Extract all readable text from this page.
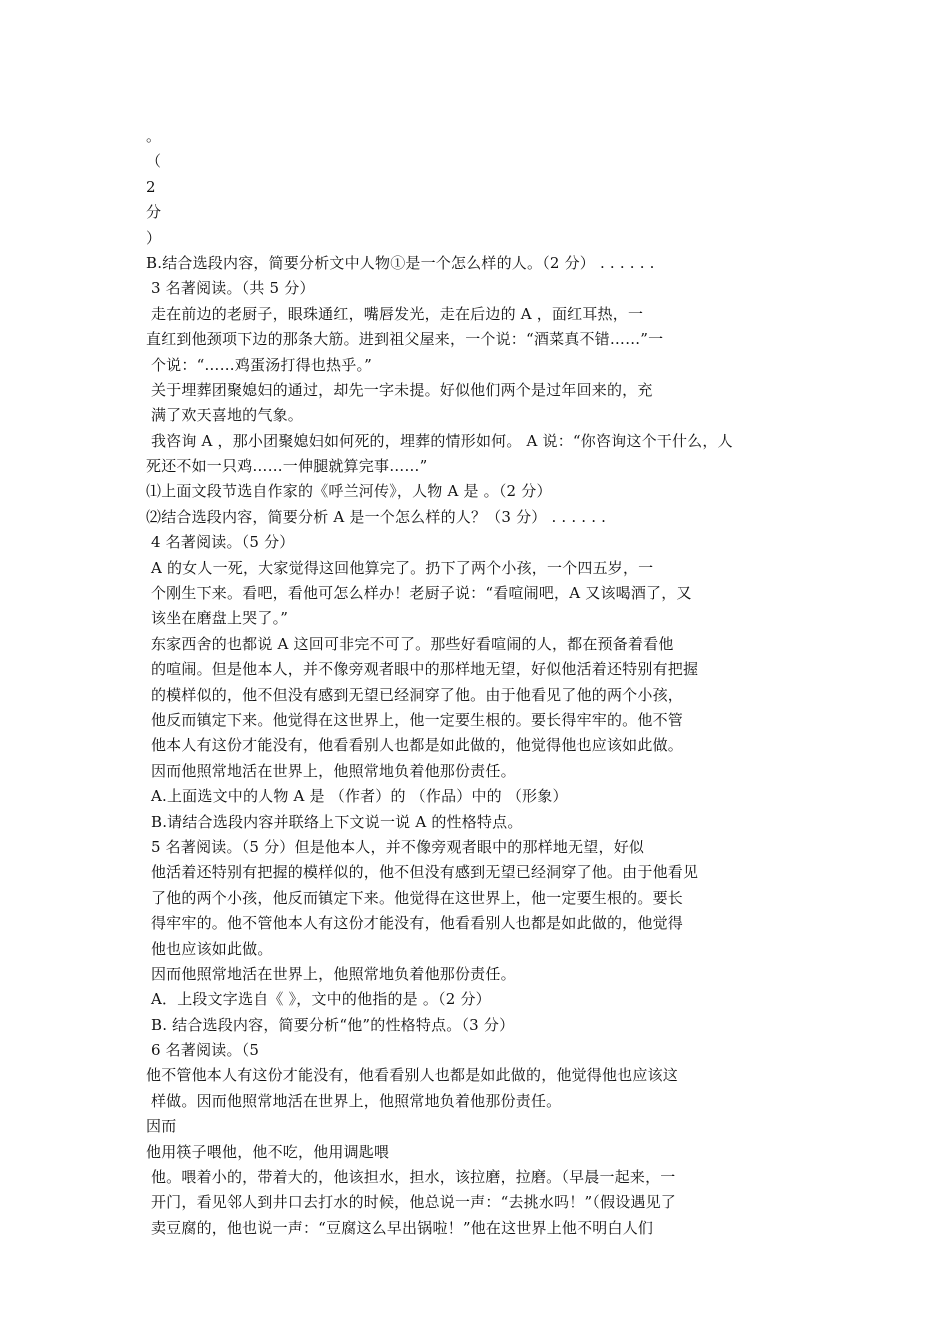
。
（
2
分
）
B.结合选段内容，简要分析文中人物①是一个怎么样的人。（2 分） . . . . . .
3 名著阅读。（共 5 分）
走在前边的老厨子，眼珠通红，嘴唇发光，走在后边的 A ，面红耳热，一
直红到他颈项下边的那条大筋。进到祖父屋来，一个说：“酒菜真不错……”一
个说：“……鸡蛋汤打得也热乎。”
关于埋葬团聚媳妇的通过，却先一字未提。好似他们两个是过年回来的，充
满了欢天喜地的气象。
我咨询 A ，那小团聚媳妇如何死的，埋葬的情形如何。 A 说：“你咨询这个干什么，人
死还不如一只鸡……一伸腿就算完事……”
⑴上面文段节选自作家的《呼兰河传》，人物 A 是 。（2 分）
⑵结合选段内容，简要分析 A 是一个怎么样的人？（3 分） . . . . . .
4 名著阅读。（5 分）
A 的女人一死，大家觉得这回他算完了。扔下了两个小孩，一个四五岁，一
个刚生下来。看吧，看他可怎么样办！老厨子说：“看喧闹吧，A 又该喝酒了，又
该坐在磨盘上哭了。”
东家西舍的也都说 A 这回可非完不可了。那些好看喧闹的人，都在预备着看他
的喧闹。但是他本人，并不像旁观者眼中的那样地无望，好似他活着还特别有把握
的模样似的，他不但没有感到无望已经洞穿了他。由于他看见了他的两个小孩，
他反而镇定下来。他觉得在这世界上，他一定要生根的。要长得牢牢的。他不管
他本人有这份才能没有，他看看别人也都是如此做的，他觉得他也应该如此做。
因而他照常地活在世界上，他照常地负着他那份责任。
A.上面选文中的人物 A 是 （作者）的 （作品）中的 （形象）
B.请结合选段内容并联络上下文说一说 A 的性格特点。
5 名著阅读。（5 分）但是他本人，并不像旁观者眼中的那样地无望，好似
他活着还特别有把握的模样似的，他不但没有感到无望已经洞穿了他。由于他看见
了他的两个小孩，他反而镇定下来。他觉得在这世界上，他一定要生根的。要长
得牢牢的。他不管他本人有这份才能没有，他看看别人也都是如此做的，他觉得
他也应该如此做。
因而他照常地活在世界上，他照常地负着他那份责任。
A．上段文字选自《 》，文中的他指的是 。（2 分）
B. 结合选段内容，简要分析“他”的性格特点。（3 分）
6 名著阅读。（5
他不管他本人有这份才能没有，他看看别人也都是如此做的，他觉得他也应该这
样做。因而他照常地活在世界上，他照常地负着他那份责任。
因而
他用筷子喂他，他不吃，他用调匙喂
他。喂着小的，带着大的，他该担水，担水，该拉磨，拉磨。（早晨一起来，一
开门，看见邻人到井口去打水的时候，他总说一声：“去挑水吗！”（假设遇见了
卖豆腐的，他也说一声：“豆腐这么早出锅啦！”他在这世界上他不明白人们
